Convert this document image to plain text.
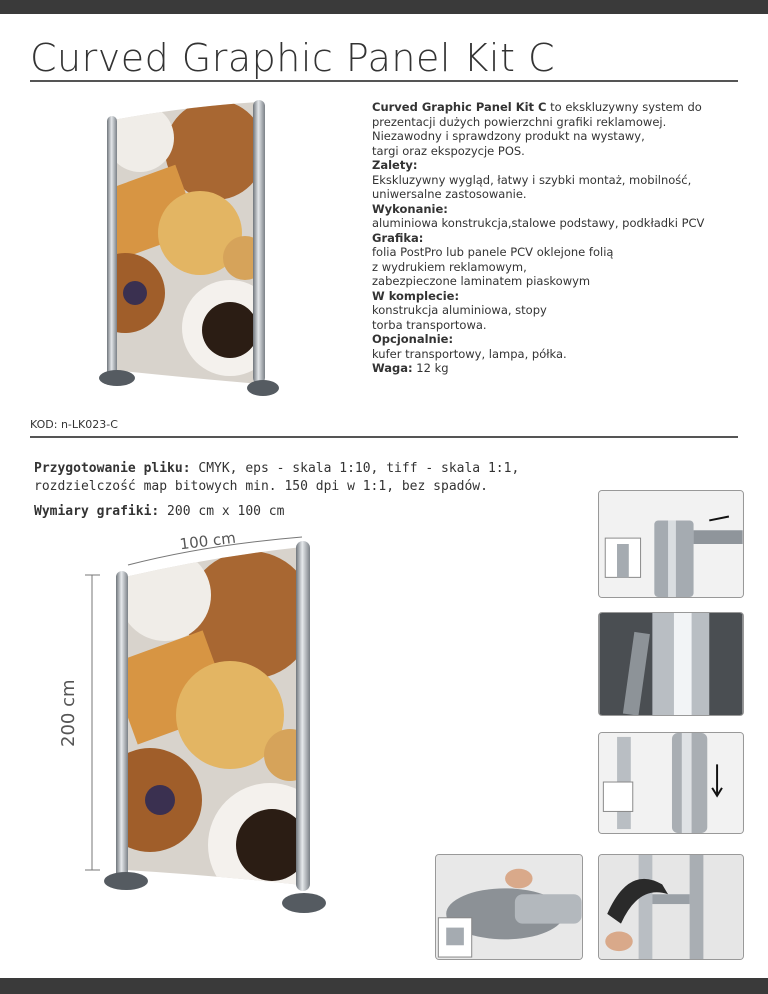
Curved Graphic Panel Kit C
Curved Graphic Panel Kit C to ekskluzywny system do
prezentacji dużych powierzchni grafiki reklamowej.
Niezawodny i sprawdzony produkt na wystawy,
targi oraz ekspozycje POS.
Zalety:
Ekskluzywny wygląd, łatwy i szybki montaż, mobilność,
uniwersalne zastosowanie.
Wykonanie:
aluminiowa konstrukcja,stalowe podstawy, podkładki PCV
Grafika:
folia PostPro lub panele PCV oklejone folią
z wydrukiem reklamowym,
zabezpieczone laminatem piaskowym
W komplecie:
konstrukcja aluminiowa, stopy
torba transportowa.
Opcjonalnie:
kufer transportowy, lampa, półka.
Waga: 12 kg
KOD: n-LK023-C
Przygotowanie pliku: CMYK, eps - skala 1:10, tiff - skala 1:1,
rozdzielczość map bitowych min. 150 dpi w 1:1, bez spadów.
Wymiary grafiki: 200 cm x 100 cm
100 cm
200 cm
